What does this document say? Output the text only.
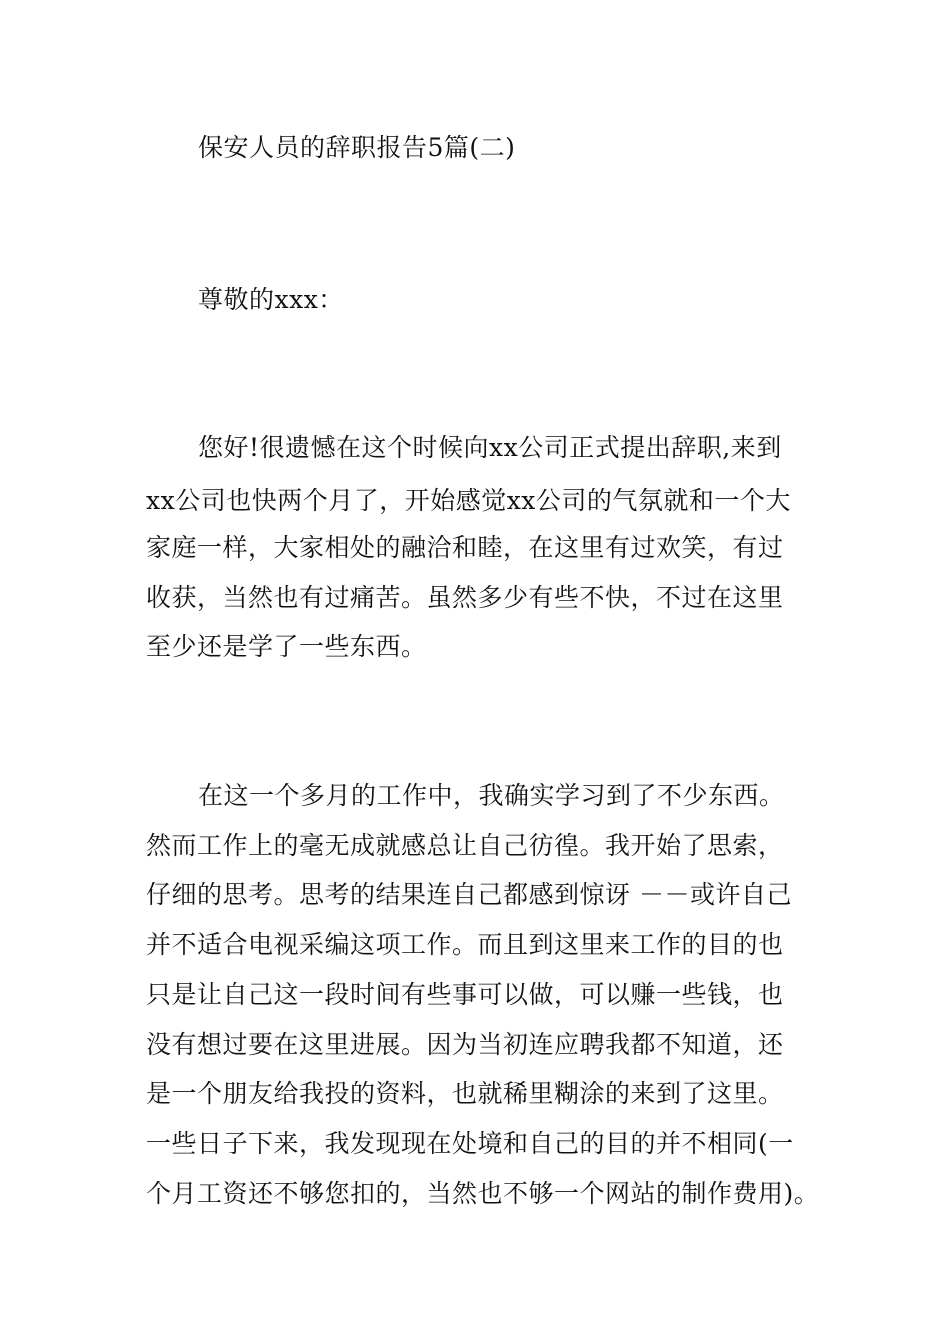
保安人员的辞职报告5篇(二)
尊敬的xxx：
您好!很遗憾在这个时候向xx公司正式提出辞职,来到
xx公司也快两个月了，开始感觉xx公司的气氛就和一个大
家庭一样，大家相处的融洽和睦，在这里有过欢笑，有过
收获，当然也有过痛苦。虽然多少有些不快，不过在这里
至少还是学了一些东西。
在这一个多月的工作中，我确实学习到了不少东西。
然而工作上的毫无成就感总让自己彷徨。我开始了思索，
仔细的思考。思考的结果连自己都感到惊讶 －－或许自己
并不适合电视采编这项工作。而且到这里来工作的目的也
只是让自己这一段时间有些事可以做，可以赚一些钱，也
没有想过要在这里进展。因为当初连应聘我都不知道，还
是一个朋友给我投的资料，也就稀里糊涂的来到了这里。
一些日子下来，我发现现在处境和自己的目的并不相同(一
个月工资还不够您扣的，当然也不够一个网站的制作费用)。
